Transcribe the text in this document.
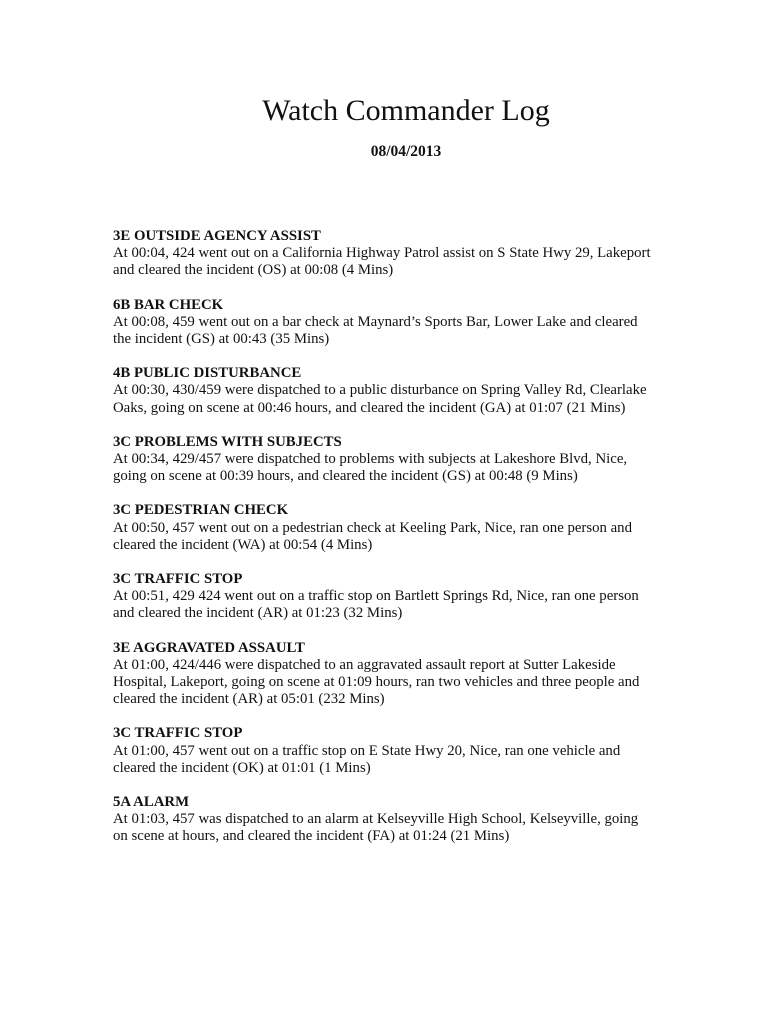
Watch Commander Log
08/04/2013
3E OUTSIDE AGENCY ASSIST
At 00:04, 424 went out on a California Highway Patrol assist on S State Hwy 29, Lakeport and cleared the incident (OS) at 00:08 (4 Mins)
6B BAR CHECK
At 00:08, 459 went out on a bar check at Maynard’s Sports Bar, Lower Lake and cleared the incident (GS) at 00:43 (35 Mins)
4B PUBLIC DISTURBANCE
At 00:30, 430/459 were dispatched to a public disturbance on Spring Valley Rd, Clearlake Oaks, going on scene at 00:46 hours, and cleared the incident (GA) at 01:07 (21 Mins)
3C PROBLEMS WITH SUBJECTS
At 00:34, 429/457 were dispatched to problems with subjects at Lakeshore Blvd, Nice, going on scene at 00:39 hours, and cleared the incident (GS) at 00:48 (9 Mins)
3C PEDESTRIAN CHECK
At 00:50, 457 went out on a pedestrian check at Keeling Park, Nice, ran one person and cleared the incident (WA) at 00:54 (4 Mins)
3C TRAFFIC STOP
At 00:51, 429 424 went out on a traffic stop on Bartlett Springs Rd, Nice, ran one person and cleared the incident (AR) at 01:23 (32 Mins)
3E AGGRAVATED ASSAULT
At 01:00, 424/446 were dispatched to an aggravated assault report at Sutter Lakeside Hospital, Lakeport, going on scene at 01:09 hours, ran two vehicles and three people and cleared the incident (AR) at 05:01 (232 Mins)
3C TRAFFIC STOP
At 01:00, 457 went out on a traffic stop on E State Hwy 20, Nice, ran one vehicle and cleared the incident (OK) at 01:01 (1 Mins)
5A ALARM
At 01:03, 457 was dispatched to an alarm at Kelseyville High School, Kelseyville, going on scene at hours, and cleared the incident (FA) at 01:24 (21 Mins)
